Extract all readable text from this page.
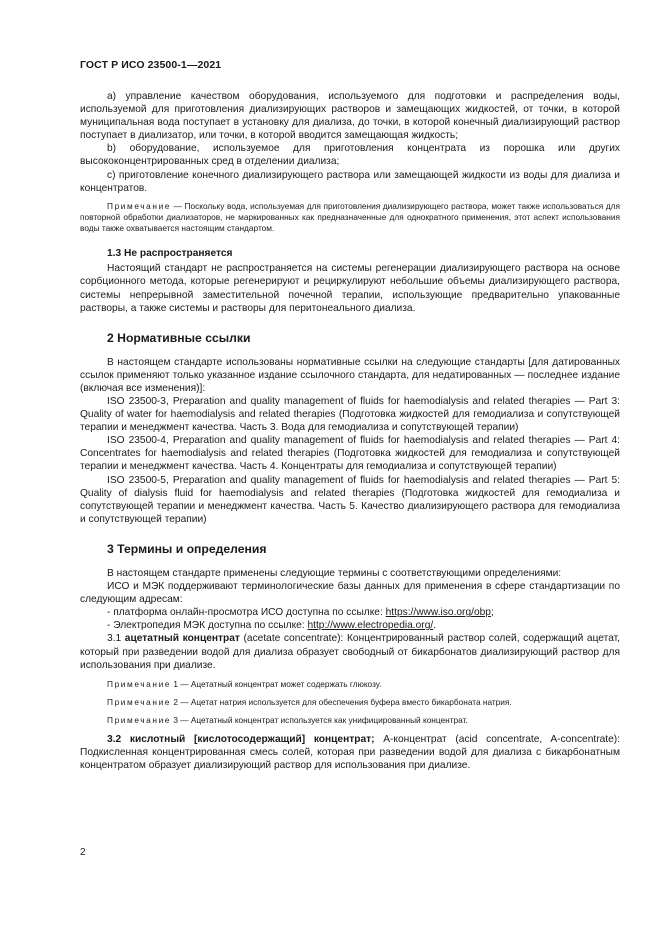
ГОСТ Р ИСО 23500-1—2021

a) управление качеством оборудования, используемого для подготовки и распределения воды, используемой для приготовления диализирующих растворов и замещающих жидкостей, от точки, в которой муниципальная вода поступает в установку для диализа, до точки, в которой конечный диализирующий раствор поступает в диализатор, или точки, в которой вводится замещающая жидкость;

b) оборудование, используемое для приготовления концентрата из порошка или других высококонцентрированных сред в отделении диализа;

c) приготовление конечного диализирующего раствора или замещающей жидкости из воды для диализа и концентратов.

Примечание — Поскольку вода, используемая для приготовления диализирующего раствора, может также использоваться для повторной обработки диализаторов, не маркированных как предназначенные для однократного применения, этот аспект использования воды также охватывается настоящим стандартом.

1.3 Не распространяется

Настоящий стандарт не распространяется на системы регенерации диализирующего раствора на основе сорбционного метода, которые регенерируют и рециркулируют небольшие объемы диализирующего раствора, системы непрерывной заместительной почечной терапии, использующие предварительно упакованные растворы, а также системы и растворы для перитонеального диализа.

2 Нормативные ссылки

В настоящем стандарте использованы нормативные ссылки на следующие стандарты [для датированных ссылок применяют только указанное издание ссылочного стандарта, для недатированных — последнее издание (включая все изменения)]:

ISO 23500-3, Preparation and quality management of fluids for haemodialysis and related therapies — Part 3: Quality of water for haemodialysis and related therapies (Подготовка жидкостей для гемодиализа и сопутствующей терапии и менеджмент качества. Часть 3. Вода для гемодиализа и сопутствующей терапии)

ISO 23500-4, Preparation and quality management of fluids for haemodialysis and related therapies — Part 4: Concentrates for haemodialysis and related therapies (Подготовка жидкостей для гемодиализа и сопутствующей терапии и менеджмент качества. Часть 4. Концентраты для гемодиализа и сопутствующей терапии)

ISO 23500-5, Preparation and quality management of fluids for haemodialysis and related therapies — Part 5: Quality of dialysis fluid for haemodialysis and related therapies (Подготовка жидкостей для гемодиализа и сопутствующей терапии и менеджмент качества. Часть 5. Качество диализирующего раствора для гемодиализа и сопутствующей терапии)

3 Термины и определения

В настоящем стандарте применены следующие термины с соответствующими определениями:

ИСО и МЭК поддерживают терминологические базы данных для применения в сфере стандартизации по следующим адресам:

- платформа онлайн-просмотра ИСО доступна по ссылке: https://www.iso.org/obp;

- Электропедия МЭК доступна по ссылке: http://www.electropedia.org/.

3.1 ацетатный концентрат (acetate concentrate): Концентрированный раствор солей, содержащий ацетат, который при разведении водой для диализа образует свободный от бикарбонатов диализирующий раствор для использования при диализе.

Примечание 1 — Ацетатный концентрат может содержать глюкозу.
Примечание 2 — Ацетат натрия используется для обеспечения буфера вместо бикарбоната натрия.
Примечание 3 — Ацетатный концентрат используется как унифицированный концентрат.

3.2 кислотный [кислотосодержащий] концентрат; А-концентрат (acid concentrate, A-concentrate): Подкисленная концентрированная смесь солей, которая при разведении водой для диализа с бикарбонатным концентратом образует диализирующий раствор для использования при диализе.

2
